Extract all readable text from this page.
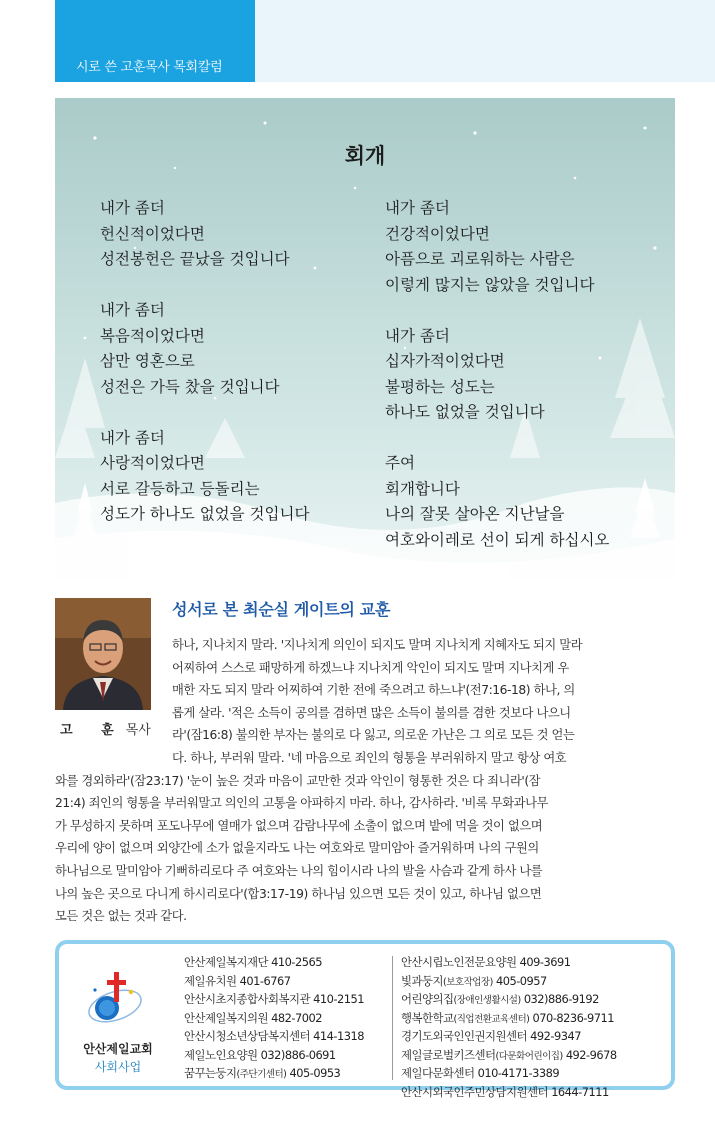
시로 쓴 고훈목사 목회칼럼
회개
내가 좀더
헌신적이었다면
성전봉헌은 끝났을 것입니다
내가 좀더
복음적이었다면
삼만 영혼으로
성전은 가득 찼을 것입니다
내가 좀더
사랑적이었다면
서로 갈등하고 등돌리는
성도가 하나도 없었을 것입니다
내가 좀더
건강적이었다면
아픔으로 괴로워하는 사람은
이렇게 많지는 않았을 것입니다
내가 좀더
십자가적이었다면
불평하는 성도는
하나도 없었을 것입니다
주여
회개합니다
나의 잘못 살아온 지난날을
여호와이레로 선이 되게 하십시오
고 훈목사
성서로 본 최순실 게이트의 교훈
하나, 지나치지 말라. '지나치게 의인이 되지도 말며 지나치게 지혜자도 되지 말라
어찌하여 스스로 패망하게 하겠느냐 지나치게 악인이 되지도 말며 지나치게 우
매한 자도 되지 말라 어찌하여 기한 전에 죽으려고 하느냐'(전7:16-18) 하나, 의
롭게 살라. '적은 소득이 공의를 겸하면 많은 소득이 불의를 겸한 것보다 나으니
라'(잠16:8) 불의한 부자는 불의로 다 잃고, 의로운 가난은 그 의로 모든 것 얻는
다. 하나, 부러워 말라. '네 마음으로 죄인의 형통을 부러워하지 말고 항상 여호
와를 경외하라'(잠23:17) '눈이 높은 것과 마음이 교만한 것과 악인이 형통한 것은 다 죄니라'(잠
21:4) 죄인의 형통을 부러워말고 의인의 고통을 아파하지 마라. 하나, 감사하라. '비록 무화과나무
가 무성하지 못하며 포도나무에 열매가 없으며 감람나무에 소출이 없으며 밭에 먹을 것이 없으며
우리에 양이 없으며 외양간에 소가 없을지라도 나는 여호와로 말미암아 즐거워하며 나의 구원의
하나님으로 말미암아 기뻐하리로다 주 여호와는 나의 힘이시라 나의 발을 사슴과 같게 하사 나를
나의 높은 곳으로 다니게 하시리로다'(합3:17-19) 하나님 있으면 모든 것이 있고, 하나님 없으면
모든 것은 없는 것과 같다.
안산제일교회
사회사업
안산제일복지재단 410-2565
제일유치원 401-6767
안산시초지종합사회복지관 410-2151
안산제일복지의원 482-7002
안산시청소년상담복지센터 414-1318
제일노인요양원 032)886-0691
꿈꾸는둥지(주단기센터) 405-0953
안산시립노인전문요양원 409-3691
빛과둥지(보호작업장) 405-0957
어린양의집(장애인생활시설) 032)886-9192
행복한학교(직업전환교육센터) 070-8236-9711
경기도외국인인권지원센터 492-9347
제일글로벌키즈센터(다문화어린이집) 492-9678
제일다문화센터 010-4171-3389
안산시외국인주민상담지원센터 1644-7111
